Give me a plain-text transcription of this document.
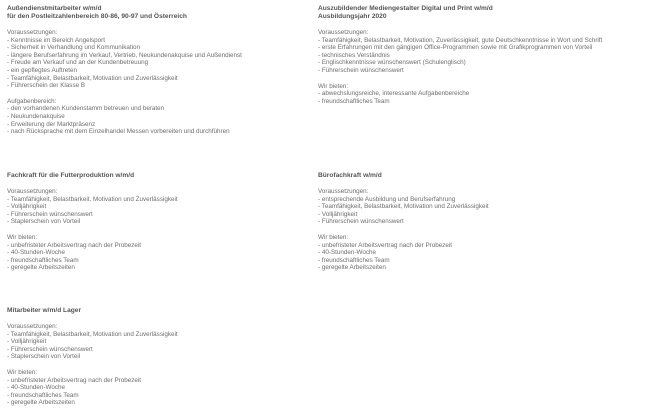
Außendienstmitarbeiter w/m/d
für den Postleitzahlenbereich 80-86, 90-97 und Österreich
Voraussetzungen:
- Kenntnisse im Bereich Angelsport
- Sicherheit in Verhandlung und Kommunikation
- längere Berufserfahrung im Verkauf, Vertrieb, Neukundenakquise und Außendienst
- Freude am Verkauf und an der Kundenbetreuung
- ein gepflegtes Auftreten
- Teamfähigkeit, Belastbarkeit, Motivation und Zuverlässigkeit
- Führerschein der Klasse B
Aufgabenbereich:
- den vorhandenen Kundenstamm betreuen und beraten
- Neukundenakquise
- Erweiterung der Marktpräsenz
- nach Rücksprache mit dem Einzelhandel Messen vorbereiten und durchführen
Auszubildender Mediengestalter Digital und Print w/m/d
Ausbildungsjahr 2020
Voraussetzungen:
- Teamfähigkeit, Belastbarkeit, Motivation, Zuverlässigkeit, gute Deutschkenntnisse in Wort und Schrift
- erste Erfahrungen mit den gängigen Office-Programmen sowie mit Grafikprogrammen von Vorteil
- technisches Verständnis
- Englischkenntnisse wünschenswert (Schulenglisch)
- Führerschein wünschenswert
Wir bieten:
- abwechslungsreiche, interessante Aufgabenbereiche
- freundschaftliches Team
Fachkraft für die Futterproduktion w/m/d
Voraussetzungen:
- Teamfähigkeit, Belastbarkeit, Motivation und Zuverlässigkeit
- Volljährigkeit
- Führerschein wünschenswert
- Staplerschein von Vorteil
Wir bieten:
- unbefristeter Arbeitsvertrag nach der Probezeit
- 40-Stunden-Woche
- freundschaftliches Team
- geregelte Arbeitszeiten
Bürofachkraft w/m/d
Voraussetzungen:
- entsprechende Ausbildung und Berufserfahrung
- Teamfähigkeit, Belastbarkeit, Motivation und Zuverlässigkeit
- Volljährigkeit
- Führerschein wünschenswert
Wir bieten:
- unbefristeter Arbeitsvertrag nach der Probezeit
- 40-Stunden-Woche
- freundschaftliches Team
- geregelte Arbeitszeiten
Mitarbeiter w/m/d Lager
Voraussetzungen:
- Teamfähigkeit, Belastbarkeit, Motivation und Zuverlässigkeit
- Volljährigkeit
- Führerschein wünschenswert
- Staplerschein von Vorteil
Wir bieten:
- unbefristeter Arbeitsvertrag nach der Probezeit
- 40-Stunden-Woche
- freundschaftliches Team
- geregelte Arbeitszeiten
